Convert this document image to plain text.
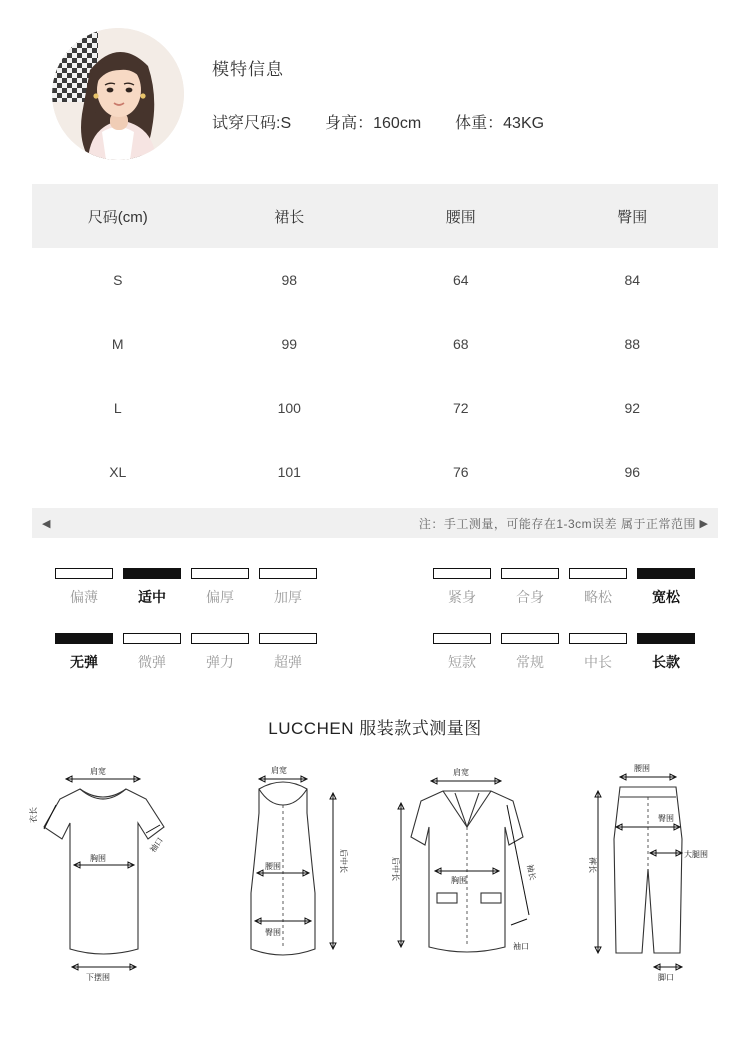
模特信息
试穿尺码:S 身高：160cm 体重：43KG
尺码(cm)	裙长	腰围	臀围
S	98	64	84
M	99	68	88
L	100	72	92
XL	101	76	96
◀	注：手工测量，可能存在1-3cm误差 属于正常范围 ▶
偏薄	适中	偏厚	加厚	紧身	合身	略松	宽松
无弹	微弹	弹力	超弹	短款	常规	中长	长款
LUCCHEN 服装款式测量图
肩宽
衣长
胸围
袖口
下摆围
肩宽
腰围
臀围
后中长
肩宽
后中长	胸围	袖长
袖口
腰围
臀围
大腿围
裤长
脚口
